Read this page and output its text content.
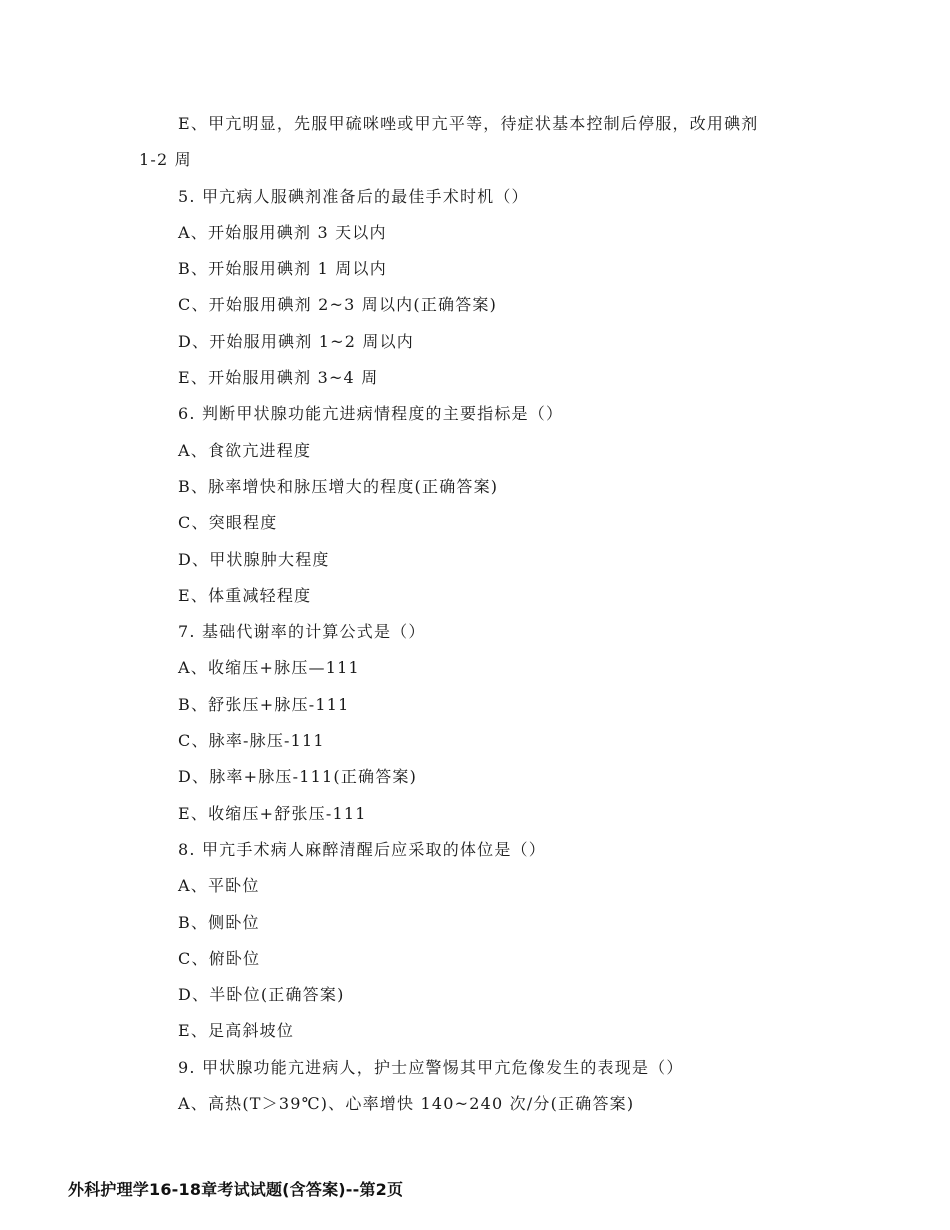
E、甲亢明显，先服甲硫咪唑或甲亢平等，待症状基本控制后停服，改用碘剂
1-2 周
5. 甲亢病人服碘剂准备后的最佳手术时机（）
A、开始服用碘剂 3 天以内
B、开始服用碘剂 1 周以内
C、开始服用碘剂 2~3 周以内(正确答案)
D、开始服用碘剂 1~2 周以内
E、开始服用碘剂 3~4 周
6. 判断甲状腺功能亢进病情程度的主要指标是（）
A、食欲亢进程度
B、脉率增快和脉压增大的程度(正确答案)
C、突眼程度
D、甲状腺肿大程度
E、体重减轻程度
7. 基础代谢率的计算公式是（）
A、收缩压+脉压—111
B、舒张压+脉压-111
C、脉率-脉压-111
D、脉率+脉压-111(正确答案)
E、收缩压+舒张压-111
8. 甲亢手术病人麻醉清醒后应采取的体位是（）
A、平卧位
B、侧卧位
C、俯卧位
D、半卧位(正确答案)
E、足高斜坡位
9. 甲状腺功能亢进病人，护士应警惕其甲亢危像发生的表现是（）
A、高热(T＞39℃)、心率增快 140~240 次/分(正确答案)
外科护理学16-18章考试试题(含答案)--第2页
